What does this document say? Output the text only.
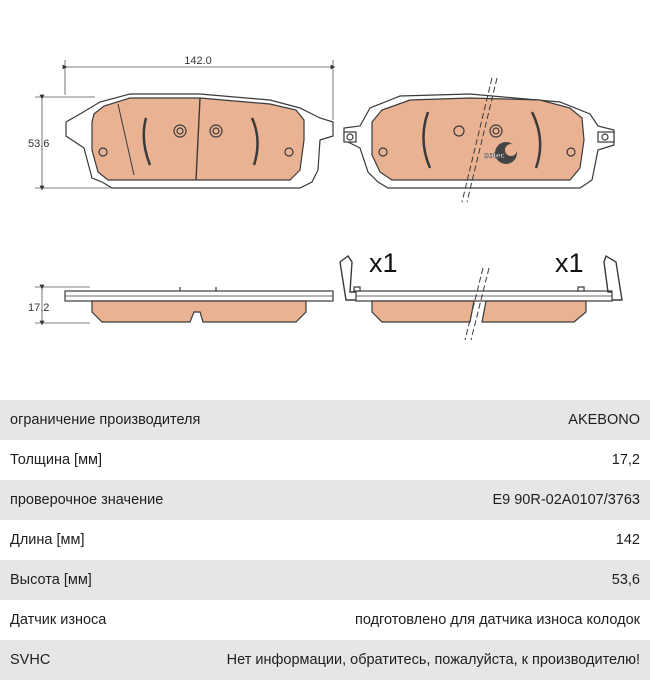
142.0
53.6
17.2
cotec
x1	x1
ограничение производителя	AKEBONO
Толщина [мм]	17,2
проверочное значение	E9 90R-02A0107/3763
Длина [мм]	142
Высота [мм]	53,6
Датчик износа	подготовлено для датчика износа колодок
SVHC	Нет информации, обратитесь, пожалуйста, к производителю!
